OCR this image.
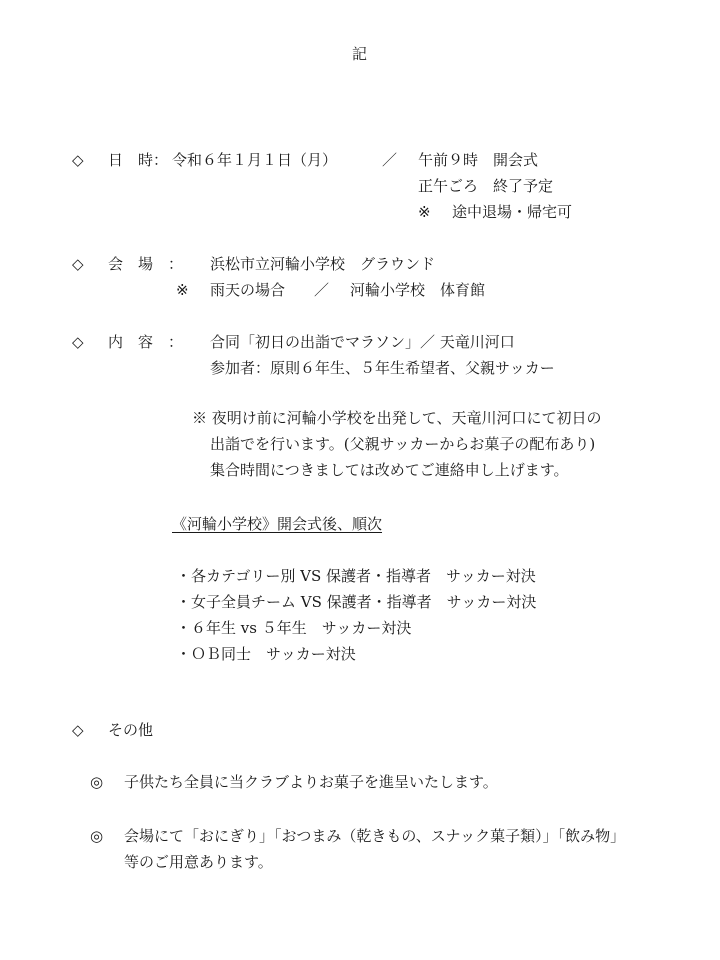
記
◇ 日　時： 令和６年１月１日（月）	／ 午前９時　開会式
正午ごろ　終了予定
※ 途中退場・帰宅可
◇ 会　場　： 浜松市立河輪小学校　グラウンド
※ 雨天の場合 ／ 河輪小学校　体育館
◇ 内　容　： 合同「初日の出詣でマラソン」／ 天竜川河口
参加者：原則６年生、５年生希望者、父親サッカー
※ 夜明け前に河輪小学校を出発して、天竜川河口にて初日の
出詣でを行います。(父親サッカーからお菓子の配布あり)
集合時間につきましては改めてご連絡申し上げます。
《河輪小学校》開会式後、順次
・各カテゴリー別 VS 保護者・指導者　サッカー対決
・女子全員チーム VS 保護者・指導者　サッカー対決
・６年生 vs ５年生　サッカー対決
・ＯＢ同士　サッカー対決
◇ その他
◎ 子供たち全員に当クラブよりお菓子を進呈いたします。
◎ 会場にて「おにぎり」「おつまみ（乾きもの、スナック菓子類）」「飲み物」
等のご用意あります。
